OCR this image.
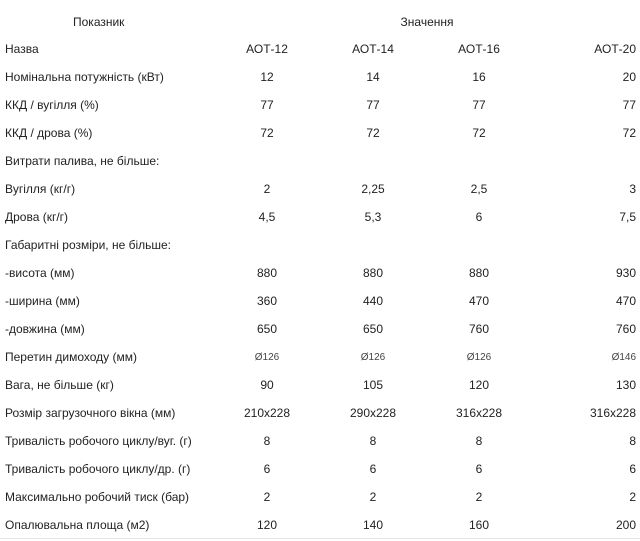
Показник	Значення			
Назва	АОТ-12	АОТ-14	АОТ-16	АОТ-20
Номінальна потужність (кВт)	12	14	16	20
ККД / вугілля (%)	77	77	77	77
ККД / дрова (%)	72	72	72	72
Витрати палива, не більше:				
Вугілля (кг/г)	2	2,25	2,5	3
Дрова (кг/г)	4,5	5,3	6	7,5
Габаритні розміри, не більше:				
-висота (мм)	880	880	880	930
-ширина (мм)	360	440	470	470
-довжина (мм)	650	650	760	760
Перетин димоходу (мм)	Ø126	Ø126	Ø126	Ø146
Вага, не більше (кг)	90	105	120	130
Розмір загрузочного вікна (мм)	210х228	290х228	316х228	316х228
Тривалість робочого циклу/вуг. (г)	8	8	8	8
Тривалість робочого циклу/др. (г)	6	6	6	6
Максимально робочий тиск (бар)	2	2	2	2
Опалювальна площа (м2)	120	140	160	200
